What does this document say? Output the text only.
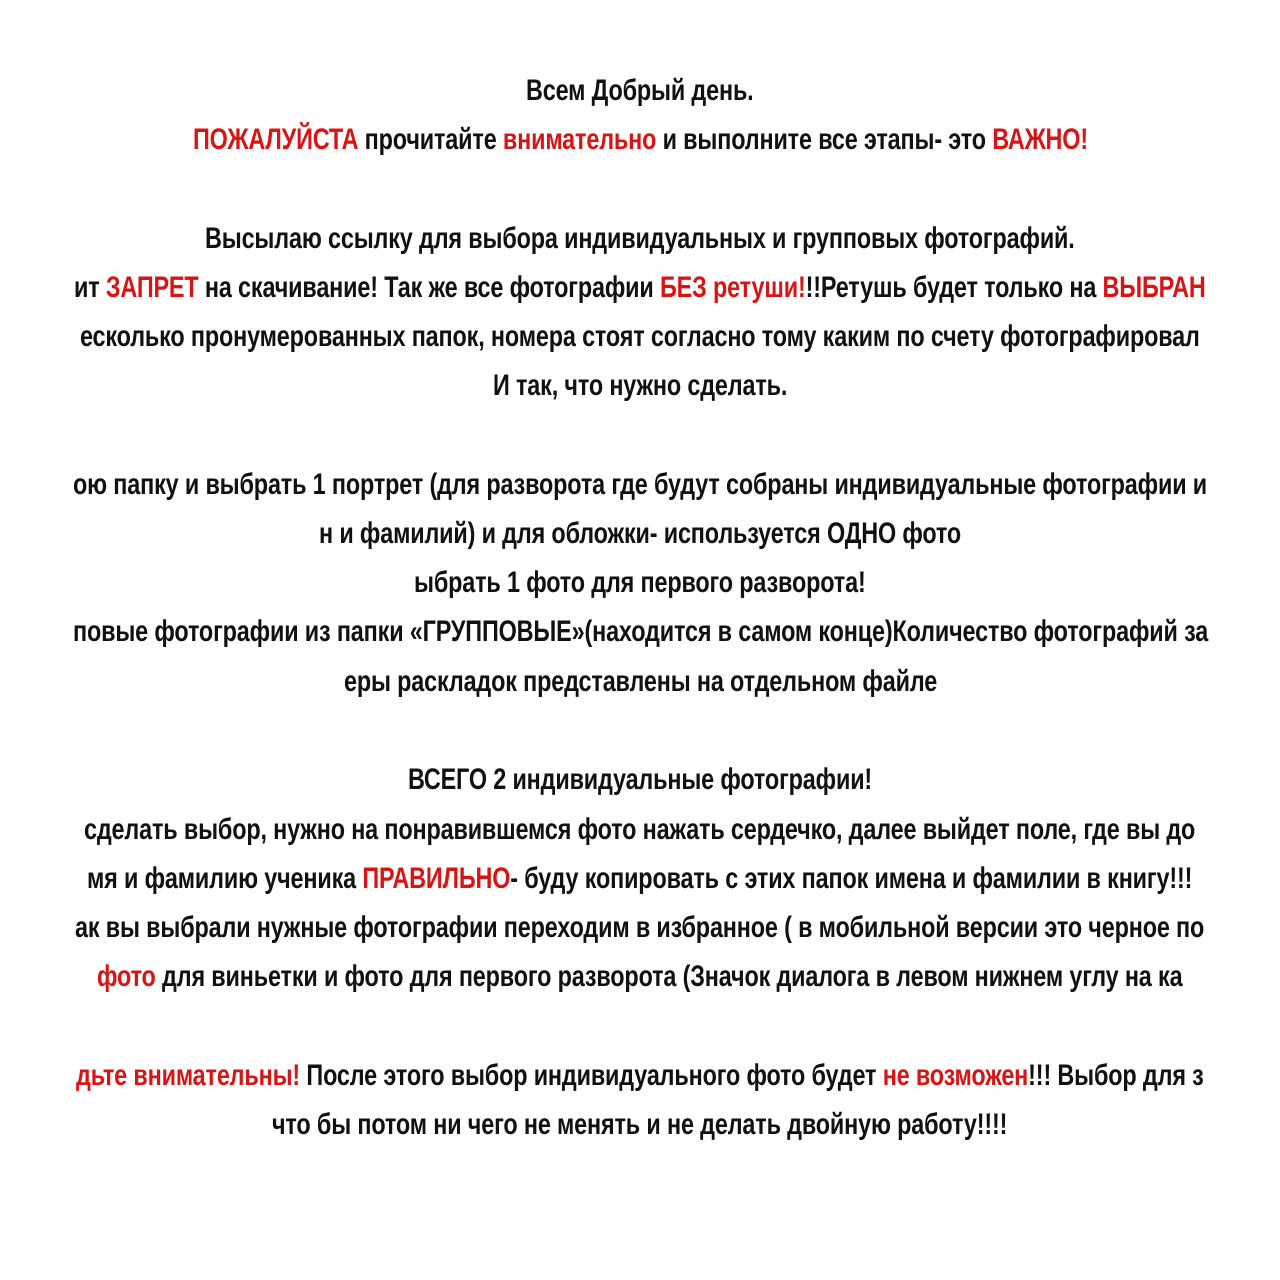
Всем Добрый день.
ПОЖАЛУЙСТА прочитайте внимательно и выполните все этапы- это ВАЖНО!
Высылаю ссылку для выбора индивидуальных и групповых фотографий.
ит ЗАПРЕТ на скачивание! Так же все фотографии БЕЗ ретуши!!!Ретушь будет только на ВЫБРАН
есколько пронумерованных папок, номера стоят согласно тому каким по счету фотографировал
И так, что нужно сделать.
ою папку и выбрать 1 портрет (для разворота где будут собраны индивидуальные фотографии и
н и фамилий) и для обложки- используется ОДНО фото
ыбрать 1 фото для первого разворота!
повые фотографии из папки «ГРУППОВЫЕ»(находится в самом конце)Количество фотографий за
еры раскладок представлены на отдельном файле
ВСЕГО 2 индивидуальные фотографии!
сделать выбор, нужно на понравившемся фото нажать сердечко, далее выйдет поле, где вы до
мя и фамилию ученика ПРАВИЛЬНО- буду копировать с этих папок имена и фамилии в книгу!!!
ак вы выбрали нужные фотографии переходим в избранное ( в мобильной версии это черное по
фото для виньетки и фото для первого разворота (Значок диалога в левом нижнем углу на ка
дьте внимательны! После этого выбор индивидуального фото будет не возможен!!! Выбор для з
что бы потом ни чего не менять и не делать двойную работу!!!!
